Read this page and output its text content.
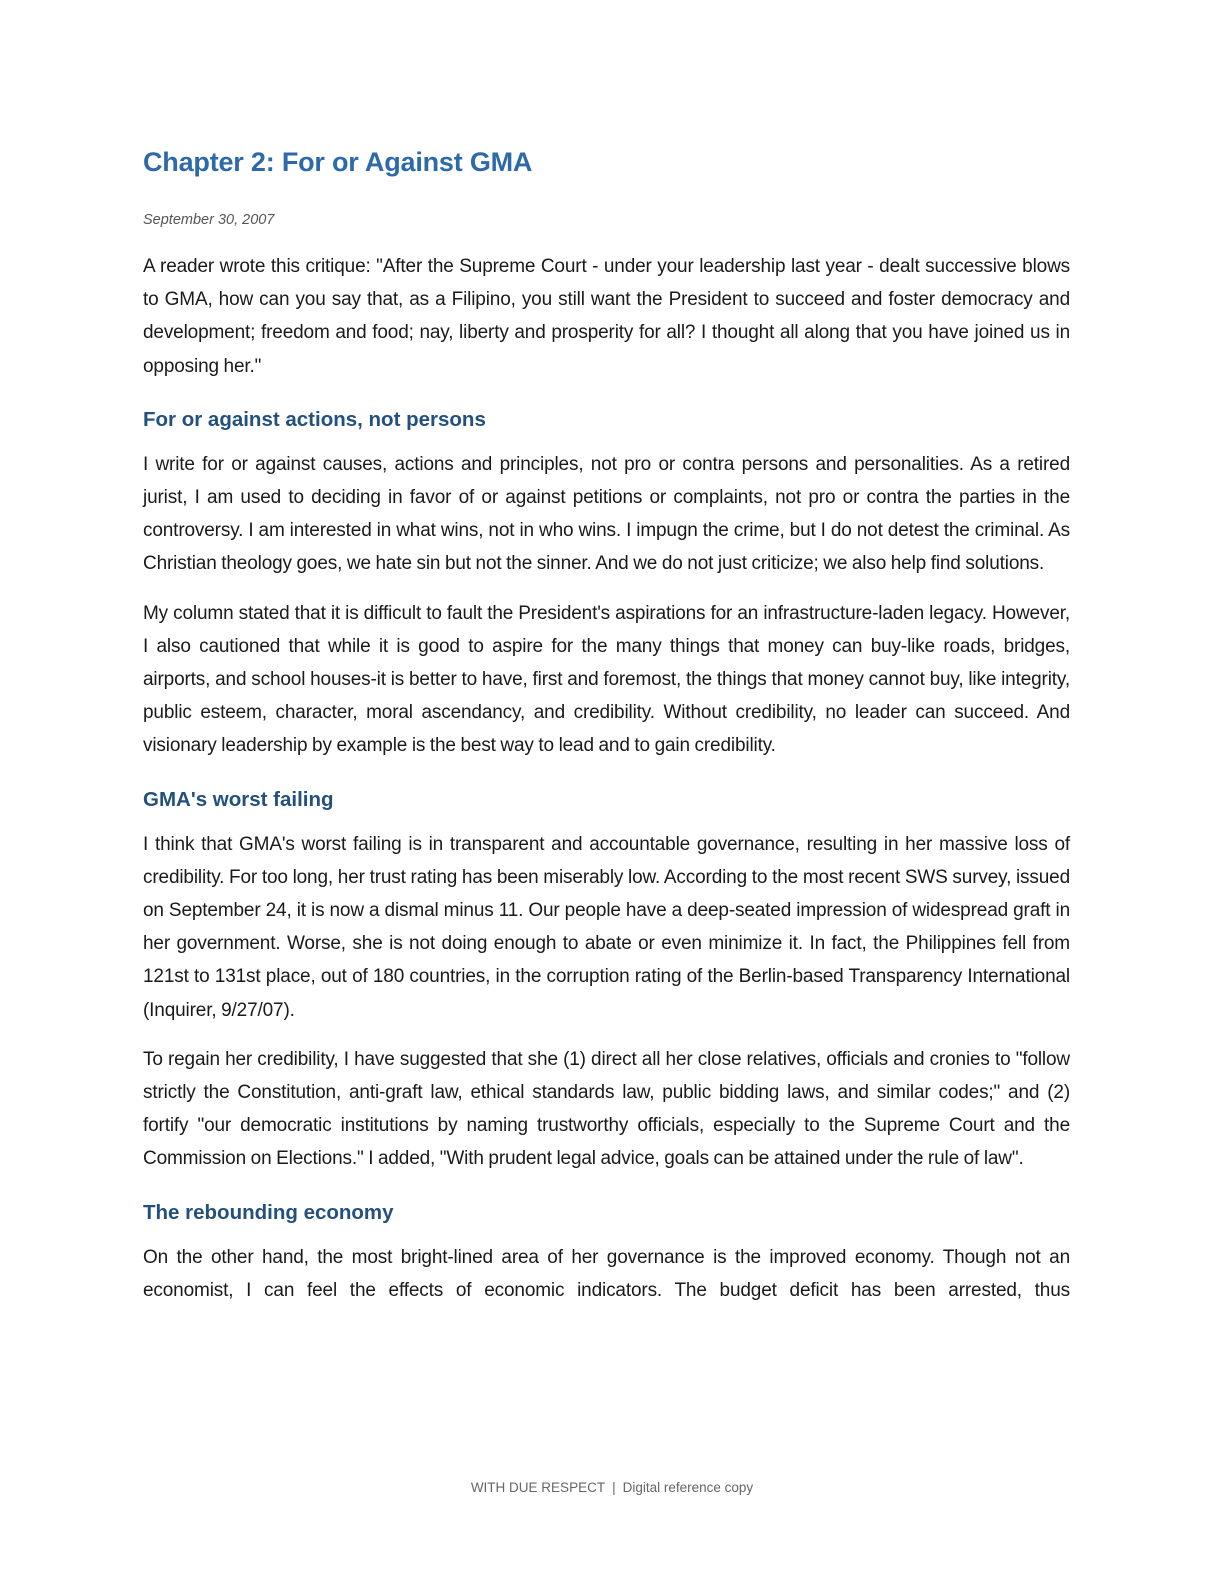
Chapter 2: For or Against GMA
September 30, 2007

A reader wrote this critique: "After the Supreme Court - under your leadership last year - dealt successive blows to GMA, how can you say that, as a Filipino, you still want the President to succeed and foster democracy and development; freedom and food; nay, liberty and prosperity for all? I thought all along that you have joined us in opposing her."

For or against actions, not persons

I write for or against causes, actions and principles, not pro or contra persons and personalities. As a retired jurist, I am used to deciding in favor of or against petitions or complaints, not pro or contra the parties in the controversy. I am interested in what wins, not in who wins. I impugn the crime, but I do not detest the criminal. As Christian theology goes, we hate sin but not the sinner. And we do not just criticize; we also help find solutions.

My column stated that it is difficult to fault the President's aspirations for an infrastructure-laden legacy. However, I also cautioned that while it is good to aspire for the many things that money can buy-like roads, bridges, airports, and school houses-it is better to have, first and foremost, the things that money cannot buy, like integrity, public esteem, character, moral ascendancy, and credibility. Without credibility, no leader can succeed. And visionary leadership by example is the best way to lead and to gain credibility.

GMA's worst failing

I think that GMA's worst failing is in transparent and accountable governance, resulting in her massive loss of credibility. For too long, her trust rating has been miserably low. According to the most recent SWS survey, issued on September 24, it is now a dismal minus 11. Our people have a deep-seated impression of widespread graft in her government. Worse, she is not doing enough to abate or even minimize it. In fact, the Philippines fell from 121st to 131st place, out of 180 countries, in the corruption rating of the Berlin-based Transparency International (Inquirer, 9/27/07).

To regain her credibility, I have suggested that she (1) direct all her close relatives, officials and cronies to "follow strictly the Constitution, anti-graft law, ethical standards law, public bidding laws, and similar codes;" and (2) fortify "our democratic institutions by naming trustworthy officials, especially to the Supreme Court and the Commission on Elections." I added, "With prudent legal advice, goals can be attained under the rule of law".

The rebounding economy

On the other hand, the most bright-lined area of her governance is the improved economy. Though not an economist, I can feel the effects of economic indicators. The budget deficit has been arrested, thus

WITH DUE RESPECT | Digital reference copy
